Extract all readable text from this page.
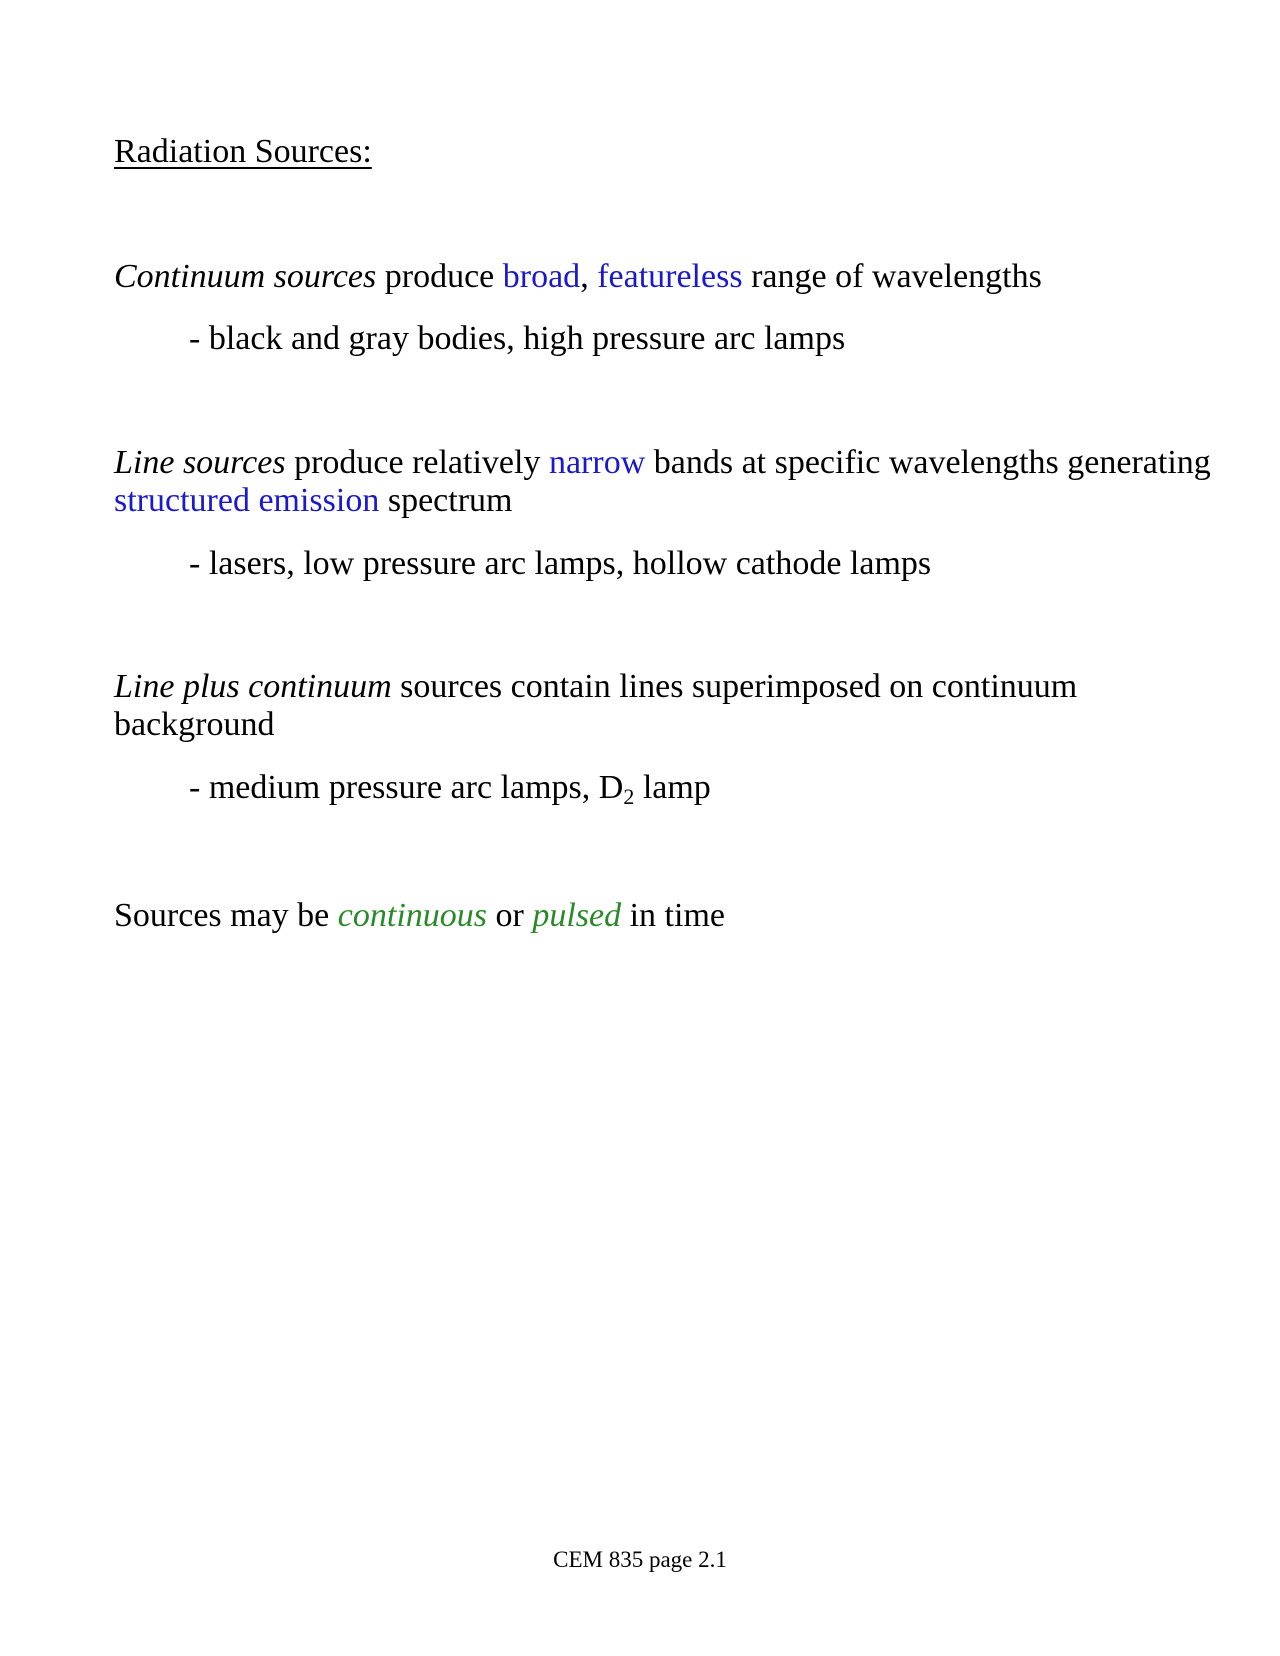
Radiation Sources:
Continuum sources produce broad, featureless range of wavelengths
- black and gray bodies, high pressure arc lamps
Line sources produce relatively narrow bands at specific wavelengths generating structured emission spectrum
- lasers, low pressure arc lamps, hollow cathode lamps
Line plus continuum sources contain lines superimposed on continuum background
- medium pressure arc lamps, $D_2$ lamp
Sources may be continuous or pulsed in time
CEM 835 page 2.1
